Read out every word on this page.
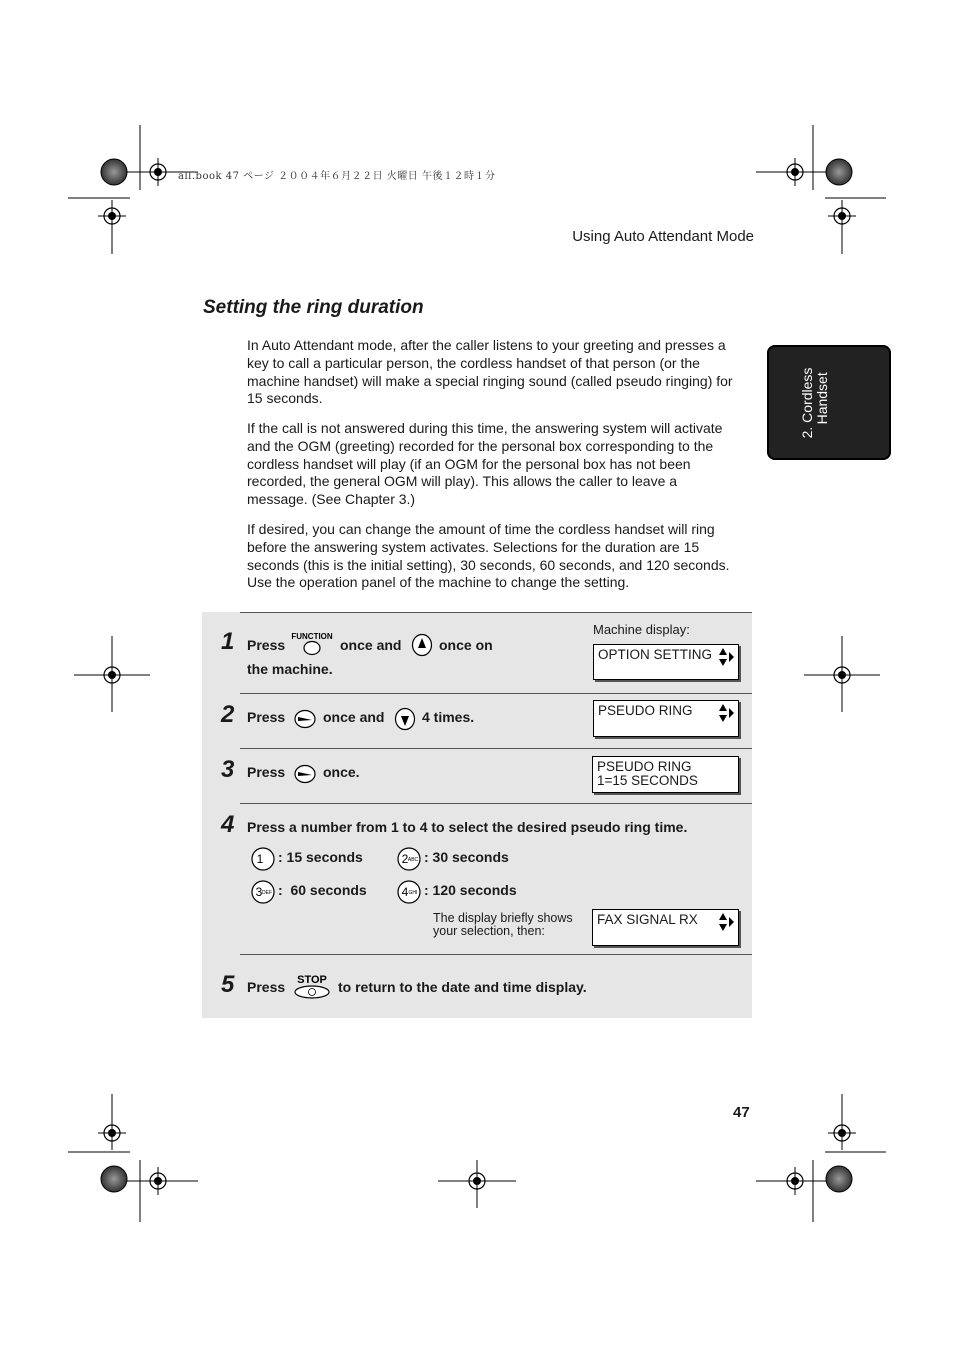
all.book 47 ページ ２００４年６月２２日 火曜日 午後１２時１分
Using Auto Attendant Mode
2. Cordless Handset
Setting the ring duration
In Auto Attendant mode, after the caller listens to your greeting and presses a key to call a particular person, the cordless handset of that person (or the machine handset) will make a special ringing sound (called pseudo ringing) for 15 seconds.
If the call is not answered during this time, the answering system will activate and the OGM (greeting) recorded for the personal box corresponding to the cordless handset will play (if an OGM for the personal box has not been recorded, the general OGM will play). This allows the caller to leave a message. (See Chapter 3.)
If desired, you can change the amount of time the cordless handset will ring before the answering system activates. Selections for the duration are 15 seconds (this is the initial setting), 30 seconds, 60 seconds, and 120 seconds. Use the operation panel of the machine to change the setting.
1 Press
FUNCTION
once and	once on
the machine.
Machine display:
OPTION SETTING
2 Press	once and	4 times.	PSEUDO RING
3 Press	once.	PSEUDO RING
1=15 SECONDS
4 Press a number from 1 to 4 to select the desired pseudo ring time.
1 : 15 seconds	2 ABC : 30 seconds
3 DEF :  60 seconds	4 GHI : 120 seconds
The display briefly shows
your selection, then:
FAX SIGNAL RX
5 Press STOP to return to the date and time display.
47
